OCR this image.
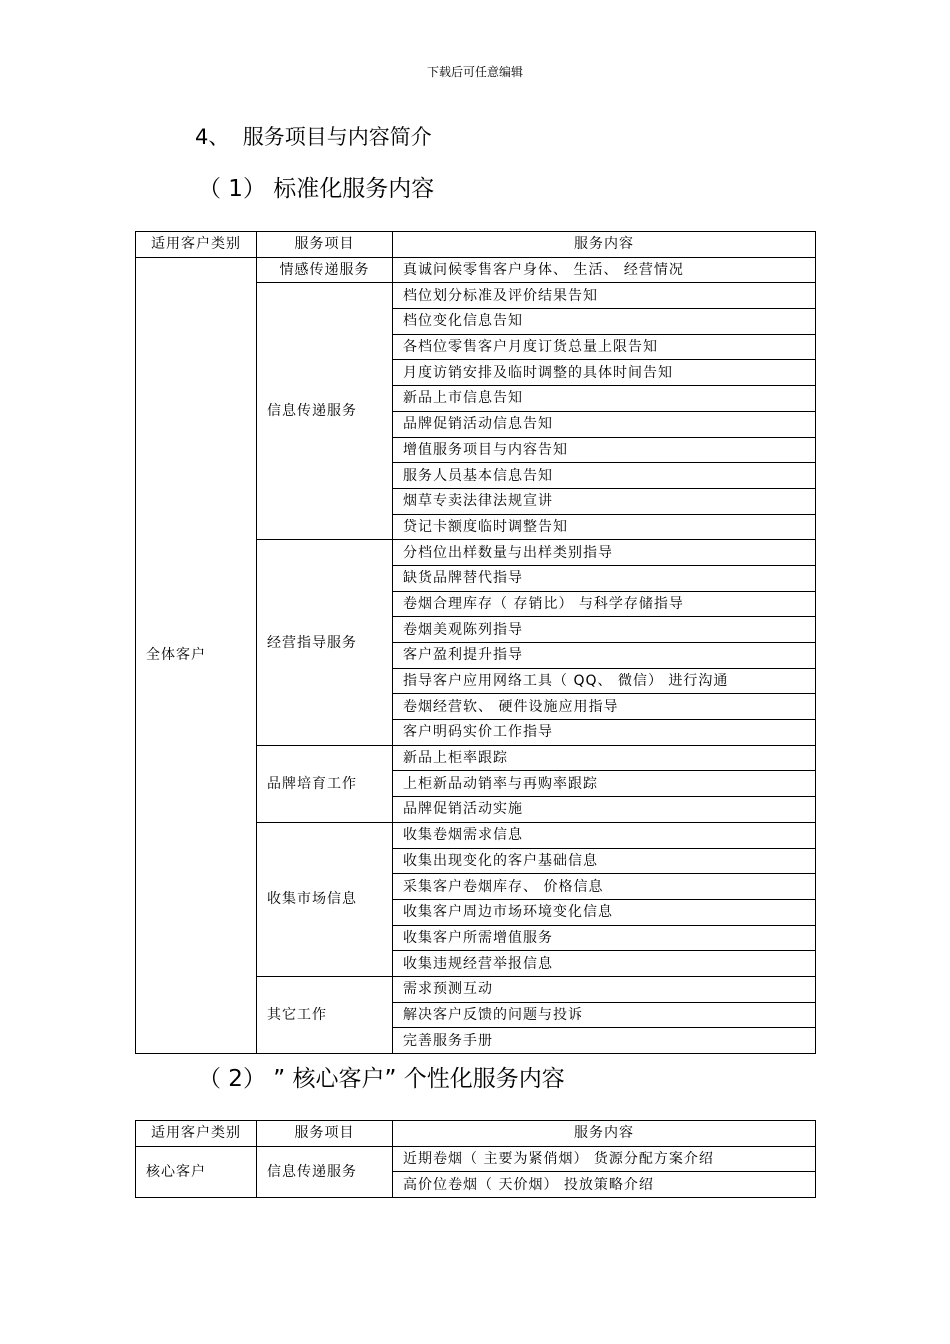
下载后可任意编辑
4、  服务项目与内容简介
（ 1） 标准化服务内容
适用客户类别	服务项目	服务内容
全体客户	情感传递服务	真诚问候零售客户身体、 生活、 经营情况
	信息传递服务	档位划分标准及评价结果告知
		档位变化信息告知
		各档位零售客户月度订货总量上限告知
		月度访销安排及临时调整的具体时间告知
		新品上市信息告知
		品牌促销活动信息告知
		增值服务项目与内容告知
		服务人员基本信息告知
		烟草专卖法律法规宣讲
		贷记卡额度临时调整告知
	经营指导服务	分档位出样数量与出样类别指导
		缺货品牌替代指导
		卷烟合理库存（ 存销比） 与科学存储指导
		卷烟美观陈列指导
		客户盈利提升指导
		指导客户应用网络工具（ QQ、 微信） 进行沟通
		卷烟经营软、 硬件设施应用指导
		客户明码实价工作指导
	品牌培育工作	新品上柜率跟踪
		上柜新品动销率与再购率跟踪
		品牌促销活动实施
	收集市场信息	收集卷烟需求信息
		收集出现变化的客户基础信息
		采集客户卷烟库存、 价格信息
		收集客户周边市场环境变化信息
		收集客户所需增值服务
		收集违规经营举报信息
	其它工作	需求预测互动
		解决客户反馈的问题与投诉
		完善服务手册
（ 2） ” 核心客户” 个性化服务内容
适用客户类别	服务项目	服务内容
核心客户	信息传递服务	近期卷烟（ 主要为紧俏烟） 货源分配方案介绍
		高价位卷烟（ 天价烟） 投放策略介绍
